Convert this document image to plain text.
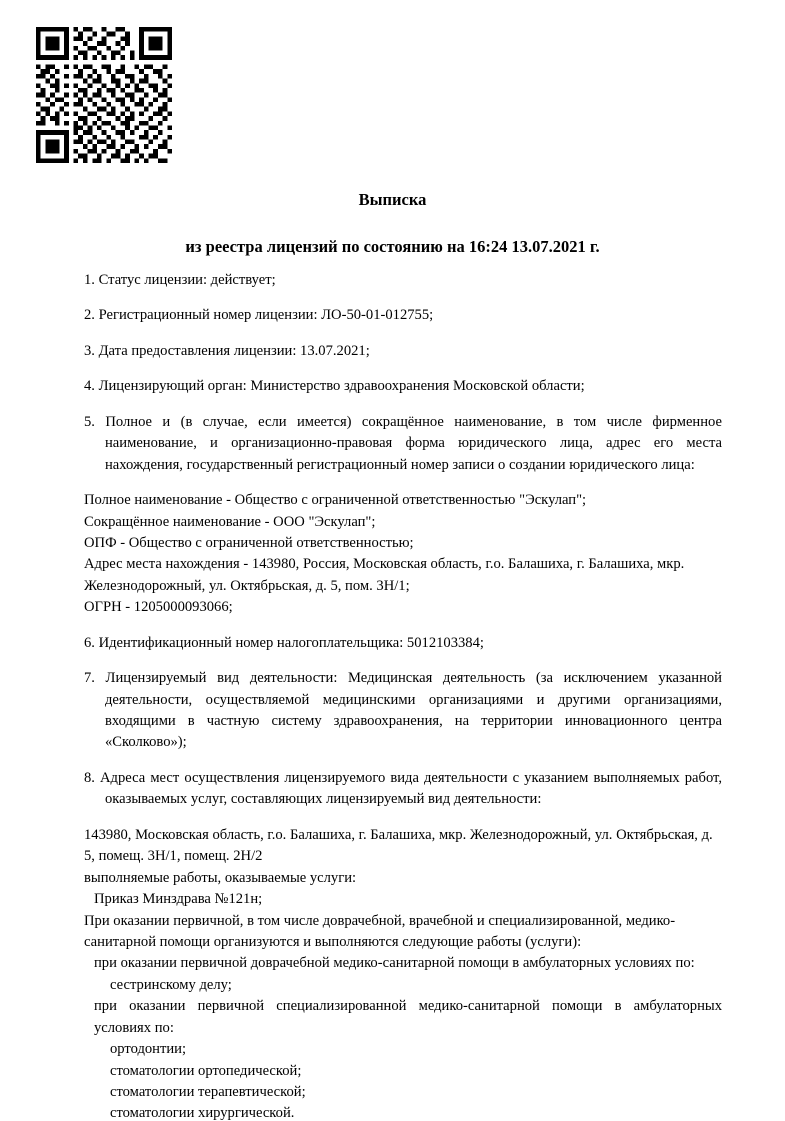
Выписка
из реестра лицензий по состоянию на 16:24 13.07.2021 г.

1. Статус лицензии: действует;

2. Регистрационный номер лицензии: ЛО-50-01-012755;

3. Дата предоставления лицензии: 13.07.2021;

4. Лицензирующий орган: Министерство здравоохранения Московской области;

5. Полное и (в случае, если имеется) сокращённое наименование, в том числе фирменное наименование, и организационно-правовая форма юридического лица, адрес его места нахождения, государственный регистрационный номер записи о создании юридического лица:

Полное наименование - Общество с ограниченной ответственностью "Эскулап";
Сокращённое наименование - ООО "Эскулап";
ОПФ - Общество с ограниченной ответственностью;
Адрес места нахождения - 143980, Россия, Московская область, г.о. Балашиха, г. Балашиха, мкр. Железнодорожный, ул. Октябрьская, д. 5, пом. 3Н/1;
ОГРН - 1205000093066;

6. Идентификационный номер налогоплательщика: 5012103384;

7. Лицензируемый вид деятельности: Медицинская деятельность (за исключением указанной деятельности, осуществляемой медицинскими организациями и другими организациями, входящими в частную систему здравоохранения, на территории инновационного центра «Сколково»);

8. Адреса мест осуществления лицензируемого вида деятельности с указанием выполняемых работ, оказываемых услуг, составляющих лицензируемый вид деятельности:

143980, Московская область, г.о. Балашиха, г. Балашиха, мкр. Железнодорожный, ул. Октябрьская, д. 5, помещ. 3Н/1, помещ. 2Н/2
выполняемые работы, оказываемые услуги:
Приказ Минздрава №121н;
При оказании первичной, в том числе доврачебной, врачебной и специализированной, медико-санитарной помощи организуются и выполняются следующие работы (услуги):
при оказании первичной доврачебной медико-санитарной помощи в амбулаторных условиях по:
сестринскому делу;
при оказании первичной специализированной медико-санитарной помощи в амбулаторных условиях по:
ортодонтии;
стоматологии ортопедической;
стоматологии терапевтической;
стоматологии хирургической.
